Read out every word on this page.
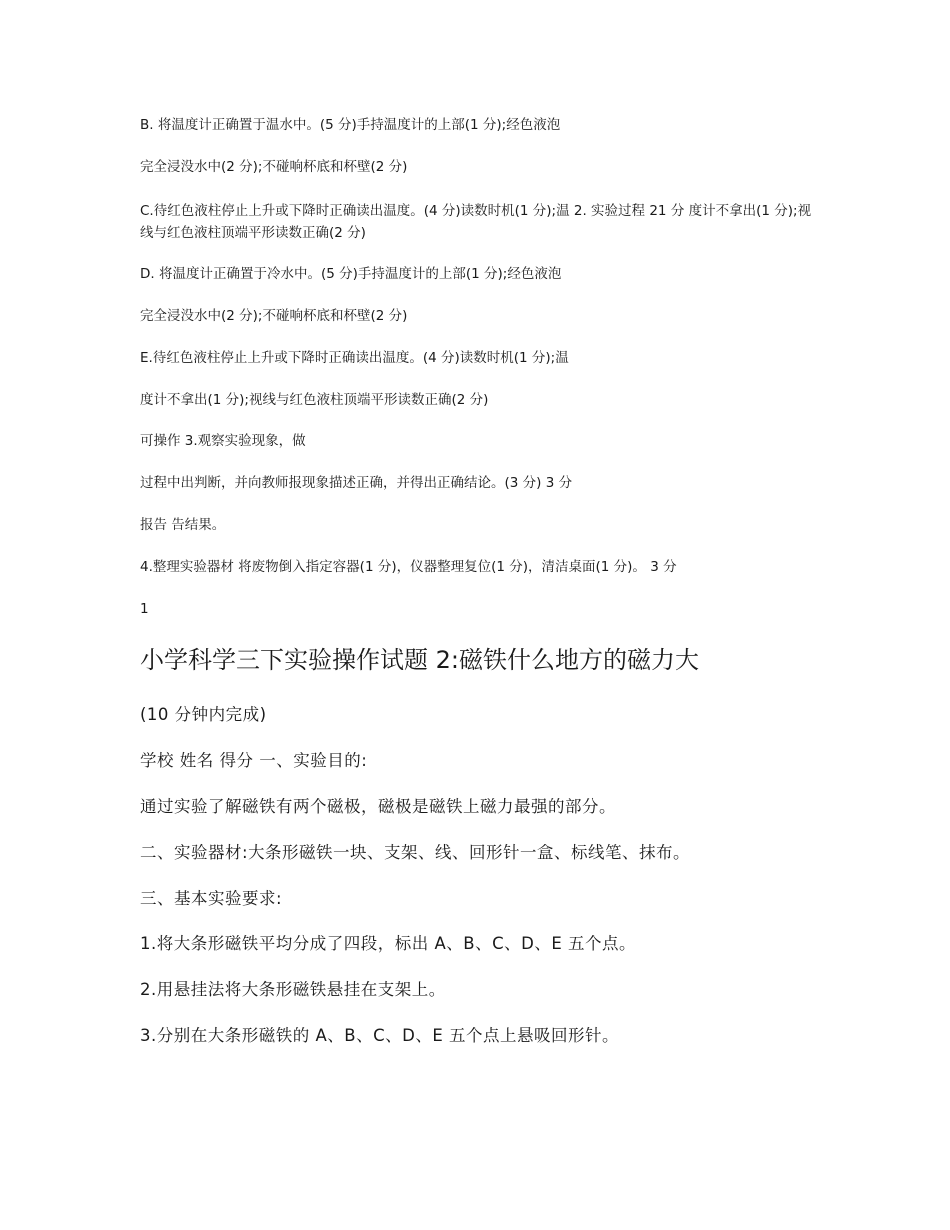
B. 将温度计正确置于温水中。(5 分)手持温度计的上部(1 分);经色液泡
完全浸没水中(2 分);不碰响杯底和杯壁(2 分)
C.待红色液柱停止上升或下降时正确读出温度。(4 分)读数时机(1 分);温 2. 实验过程 21 分 度计不拿出(1 分);视线与红色液柱顶端平形读数正确(2 分)
D. 将温度计正确置于冷水中。(5 分)手持温度计的上部(1 分);经色液泡
完全浸没水中(2 分);不碰响杯底和杯壁(2 分)
E.待红色液柱停止上升或下降时正确读出温度。(4 分)读数时机(1 分);温
度计不拿出(1 分);视线与红色液柱顶端平形读数正确(2 分)
可操作 3.观察实验现象，做
过程中出判断，并向教师报现象描述正确，并得出正确结论。(3 分) 3 分
报告 告结果。
4.整理实验器材 将废物倒入指定容器(1 分)，仪器整理复位(1 分)，清洁桌面(1 分)。 3 分
1
小学科学三下实验操作试题 2:磁铁什么地方的磁力大
(10 分钟内完成)
学校 姓名 得分 一、实验目的:
通过实验了解磁铁有两个磁极，磁极是磁铁上磁力最强的部分。
二、实验器材:大条形磁铁一块、支架、线、回形针一盒、标线笔、抹布。
三、基本实验要求:
1.将大条形磁铁平均分成了四段，标出 A、B、C、D、E 五个点。
2.用悬挂法将大条形磁铁悬挂在支架上。
3.分别在大条形磁铁的 A、B、C、D、E 五个点上悬吸回形针。
